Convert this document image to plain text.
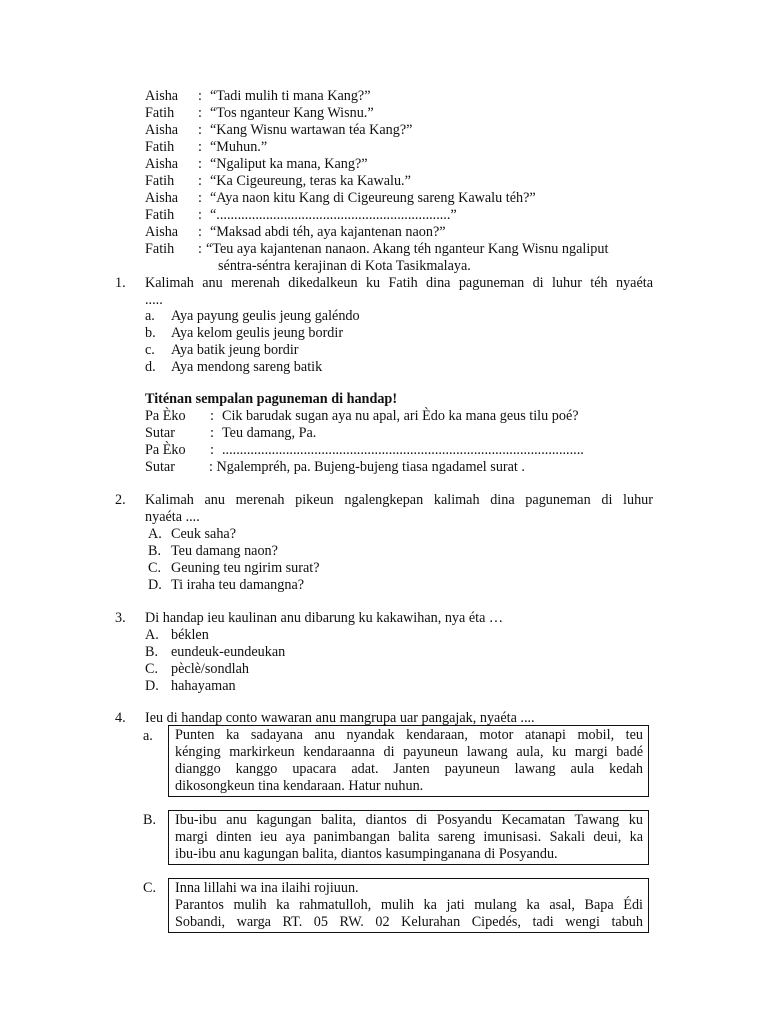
Aisha : “Tadi mulih ti mana Kang?”
Fatih : “Tos nganteur Kang Wisnu.”
Aisha : “Kang Wisnu wartawan téa Kang?”
Fatih : “Muhun.”
Aisha : “Ngaliput ka mana, Kang?”
Fatih : “Ka Cigeureung, teras ka Kawalu.”
Aisha : “Aya naon kitu Kang di Cigeureung sareng Kawalu téh?”
Fatih : “..................................................................”
Aisha : “Maksad abdi téh, aya kajantenan naon?”
Fatih : “Teu aya kajantenan nanaon. Akang téh nganteur Kang Wisnu ngaliput
séntra-séntra kerajinan di Kota Tasikmalaya.
1. Kalimah anu merenah dikedalkeun ku Fatih dina paguneman di luhur téh nyaéta
.....
a. Aya payung geulis jeung galéndo
b. Aya kelom geulis jeung bordir
c. Aya batik jeung bordir
d. Aya mendong sareng batik
Titénan sempalan paguneman di handap!
Pa Èko : Cik barudak sugan aya nu apal, ari Èdo ka mana geus tilu poé?
Sutar : Teu damang, Pa.
Pa Èko : ......................................................................................................
Sutar : Ngalempréh, pa. Bujeng-bujeng tiasa ngadamel surat .
2. Kalimah anu merenah pikeun ngalengkepan kalimah dina paguneman di luhur
nyaéta ....
A. Ceuk saha?
B. Teu damang naon?
C. Geuning teu ngirim surat?
D. Ti iraha teu damangna?
3. Di handap ieu kaulinan anu dibarung ku kakawihan, nya éta …
A. béklen
B. eundeuk-eundeukan
C. pèclè/sondlah
D. hahayaman
4. Ieu di handap conto wawaran anu mangrupa uar pangajak, nyaéta ....
a. Punten ka sadayana anu nyandak kendaraan, motor atanapi mobil, teu
kénging markirkeun kendaraanna di payuneun lawang aula, ku margi badé
dianggo kanggo upacara adat. Janten payuneun lawang aula kedah
dikosongkeun tina kendaraan. Hatur nuhun.
B. Ibu-ibu anu kagungan balita, diantos di Posyandu Kecamatan Tawang ku
margi dinten ieu aya panimbangan balita sareng imunisasi. Sakali deui, ka
ibu-ibu anu kagungan balita, diantos kasumpinganana di Posyandu.
C. Inna lillahi wa ina ilaihi rojiuun.
Parantos mulih ka rahmatulloh, mulih ka jati mulang ka asal, Bapa Édi
Sobandi, warga RT. 05 RW. 02 Kelurahan Cipedés, tadi wengi tabuh
